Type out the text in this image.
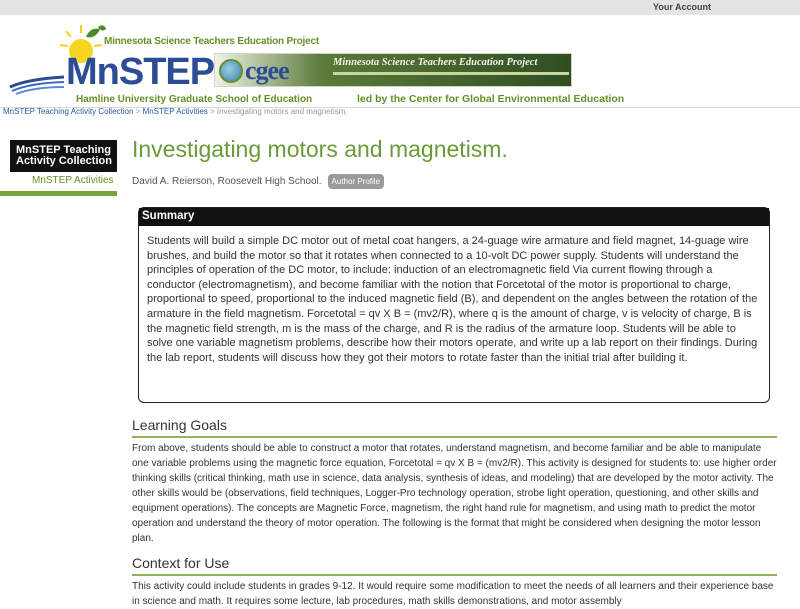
Your Account
Minnesota Science Teachers Education Project
MnSTEP
Hamline University Graduate School of Education
cgee	Minnesota Science Teachers Education Project
led by the Center for Global Environmental Education
MnSTEP Teaching Activity Collection > MnSTEP Activities > Investigating motors and magnetism.
MnSTEP Teaching Activity Collection
MnSTEP Activities
Investigating motors and magnetism.
David A. Reierson, Roosevelt High School.	Author Profile
Summary
Students will build a simple DC motor out of metal coat hangers, a 24-guage wire armature and field magnet, 14-guage wire brushes, and build the motor so that it rotates when connected to a 10-volt DC power supply. Students will understand the principles of operation of the DC motor, to include: induction of an electromagnetic field Via current flowing through a conductor (electromagnetism), and become familiar with the notion that Forcetotal of the motor is proportional to charge, proportional to speed, proportional to the induced magnetic field (B), and dependent on the angles between the rotation of the armature in the field magnetism. Forcetotal = qv X B = (mv2/R), where q is the amount of charge, v is velocity of charge, B is the magnetic field strength, m is the mass of the charge, and R is the radius of the armature loop. Students will be able to solve one variable magnetism problems, describe how their motors operate, and write up a lab report on their findings. During the lab report, students will discuss how they got their motors to rotate faster than the initial trial after building it.
Learning Goals
From above, students should be able to construct a motor that rotates, understand magnetism, and become familiar and be able to manipulate one variable problems using the magnetic force equation, Forcetotal = qv X B = (mv2/R). This activity is designed for students to: use higher order thinking skills (critical thinking, math use in science, data analysis, synthesis of ideas, and modeling) that are developed by the motor activity. The other skills would be (observations, field techniques, Logger-Pro technology operation, strobe light operation, questioning, and other skills and equipment operations). The concepts are Magnetic Force, magnetism, the right hand rule for magnetism, and using math to predict the motor operation and understand the theory of motor operation. The following is the format that might be considered when designing the motor lesson plan.
Context for Use
This activity could include students in grades 9-12. It would require some modification to meet the needs of all learners and their experience base in science and math. It requires some lecture, lab procedures, math skills demonstrations, and motor assembly
